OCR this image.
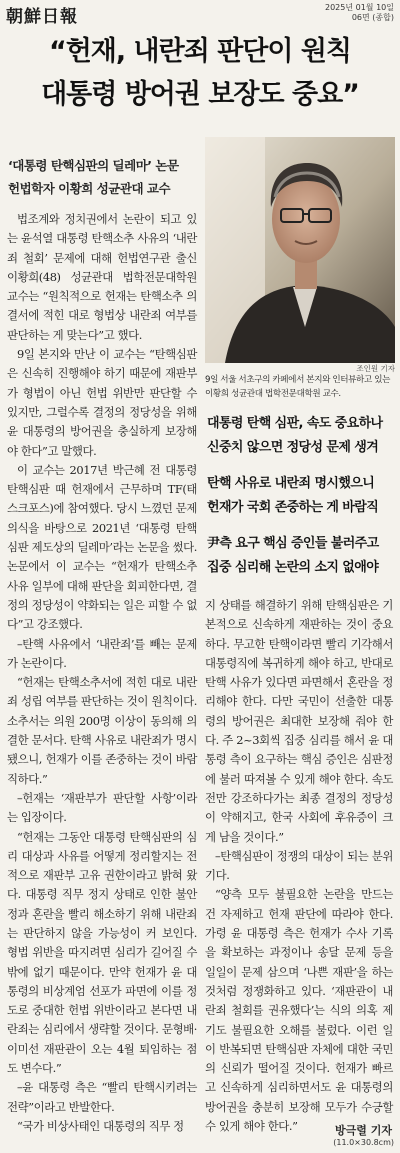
朝鮮日報	2025년 01월 10일
06면 (종합)
“헌재, 내란죄 판단이 원칙
대통령 방어권 보장도 중요”
‘대통령 탄핵심판의 딜레마’ 논문
헌법학자 이황희 성균관대 교수
조인원 기자
9일 서울 서초구의 카페에서 본지와 인터뷰하고 있는 이황희 성균관대 법학전문대학원 교수.
대통령 탄핵 심판, 속도 중요하나
신중치 않으면 정당성 문제 생겨
탄핵 사유로 내란죄 명시했으니
헌재가 국회 존중하는 게 바람직
尹측 요구 핵심 증인들 불러주고
집중 심리해 논란의 소지 없애야

법조계와 정치권에서 논란이 되고 있는 윤석열 대통령 탄핵소추 사유의 ‘내란죄 철회’ 문제에 대해 헌법연구관 출신 이황희(48) 성균관대 법학전문대학원 교수는 “원칙적으로 헌재는 탄핵소추 의결서에 적힌 대로 형법상 내란죄 여부를 판단하는 게 맞는다”고 했다.

9일 본지와 만난 이 교수는 “탄핵심판은 신속히 진행해야 하기 때문에 재판부가 형법이 아닌 헌법 위반만 판단할 수 있지만, 그럴수록 결정의 정당성을 위해 윤 대통령의 방어권을 충실하게 보장해야 한다”고 말했다.

이 교수는 2017년 박근혜 전 대통령 탄핵심판 때 헌재에서 근무하며 TF(태스크포스)에 참여했다. 당시 느꼈던 문제의식을 바탕으로 2021년 ‘대통령 탄핵심판 제도상의 딜레마’라는 논문을 썼다. 논문에서 이 교수는 “헌재가 탄핵소추 사유 일부에 대해 판단을 회피한다면, 결정의 정당성이 약화되는 일은 피할 수 없다”고 강조했다.

–탄핵 사유에서 ‘내란죄’를 빼는 문제가 논란이다.

“헌재는 탄핵소추서에 적힌 대로 내란죄 성립 여부를 판단하는 것이 원칙이다. 소추서는 의원 200명 이상이 동의해 의결한 문서다. 탄핵 사유로 내란죄가 명시됐으니, 헌재가 이를 존중하는 것이 바람직하다.”

–헌재는 ‘재판부가 판단할 사항’이라는 입장이다.

“헌재는 그동안 대통령 탄핵심판의 심리 대상과 사유를 어떻게 정리할지는 전적으로 재판부 고유 권한이라고 밝혀 왔다. 대통령 직무 정지 상태로 인한 불안정과 혼란을 빨리 해소하기 위해 내란죄는 판단하지 않을 가능성이 커 보인다. 형법 위반을 따지려면 심리가 길어질 수밖에 없기 때문이다. 만약 헌재가 윤 대통령의 비상계엄 선포가 파면에 이를 정도로 중대한 헌법 위반이라고 본다면 내란죄는 심리에서 생략할 것이다. 문형배·이미선 재판관이 오는 4월 퇴임하는 점도 변수다.”

–윤 대통령 측은 “빨리 탄핵시키려는 전략”이라고 반발한다.

“국가 비상사태인 대통령의 직무 정

지 상태를 해결하기 위해 탄핵심판은 기본적으로 신속하게 재판하는 것이 중요하다. 무고한 탄핵이라면 빨리 기각해서 대통령직에 복귀하게 해야 하고, 반대로 탄핵 사유가 있다면 파면해서 혼란을 정리해야 한다. 다만 국민이 선출한 대통령의 방어권은 최대한 보장해 줘야 한다. 주 2~3회씩 집중 심리를 해서 윤 대통령 측이 요구하는 핵심 증인은 심판정에 불러 따져볼 수 있게 해야 한다. 속도전만 강조하다가는 최종 결정의 정당성이 약해지고, 한국 사회에 후유증이 크게 남을 것이다.”

–탄핵심판이 정쟁의 대상이 되는 분위기다.

“양측 모두 불필요한 논란을 만드는 건 자제하고 헌재 판단에 따라야 한다. 가령 윤 대통령 측은 헌재가 수사 기록을 확보하는 과정이나 송달 문제 등을 일일이 문제 삼으며 ‘나쁜 재판’을 하는 것처럼 정쟁화하고 있다. ‘재판관이 내란죄 철회를 권유했다’는 식의 의혹 제기도 불필요한 오해를 불렀다. 이런 일이 반복되면 탄핵심판 자체에 대한 국민의 신뢰가 떨어질 것이다. 헌재가 빠르고 신속하게 심리하면서도 윤 대통령의 방어권을 충분히 보장해 모두가 수긍할 수 있게 해야 한다.”	방극렬 기자
(11.0×30.8cm)
